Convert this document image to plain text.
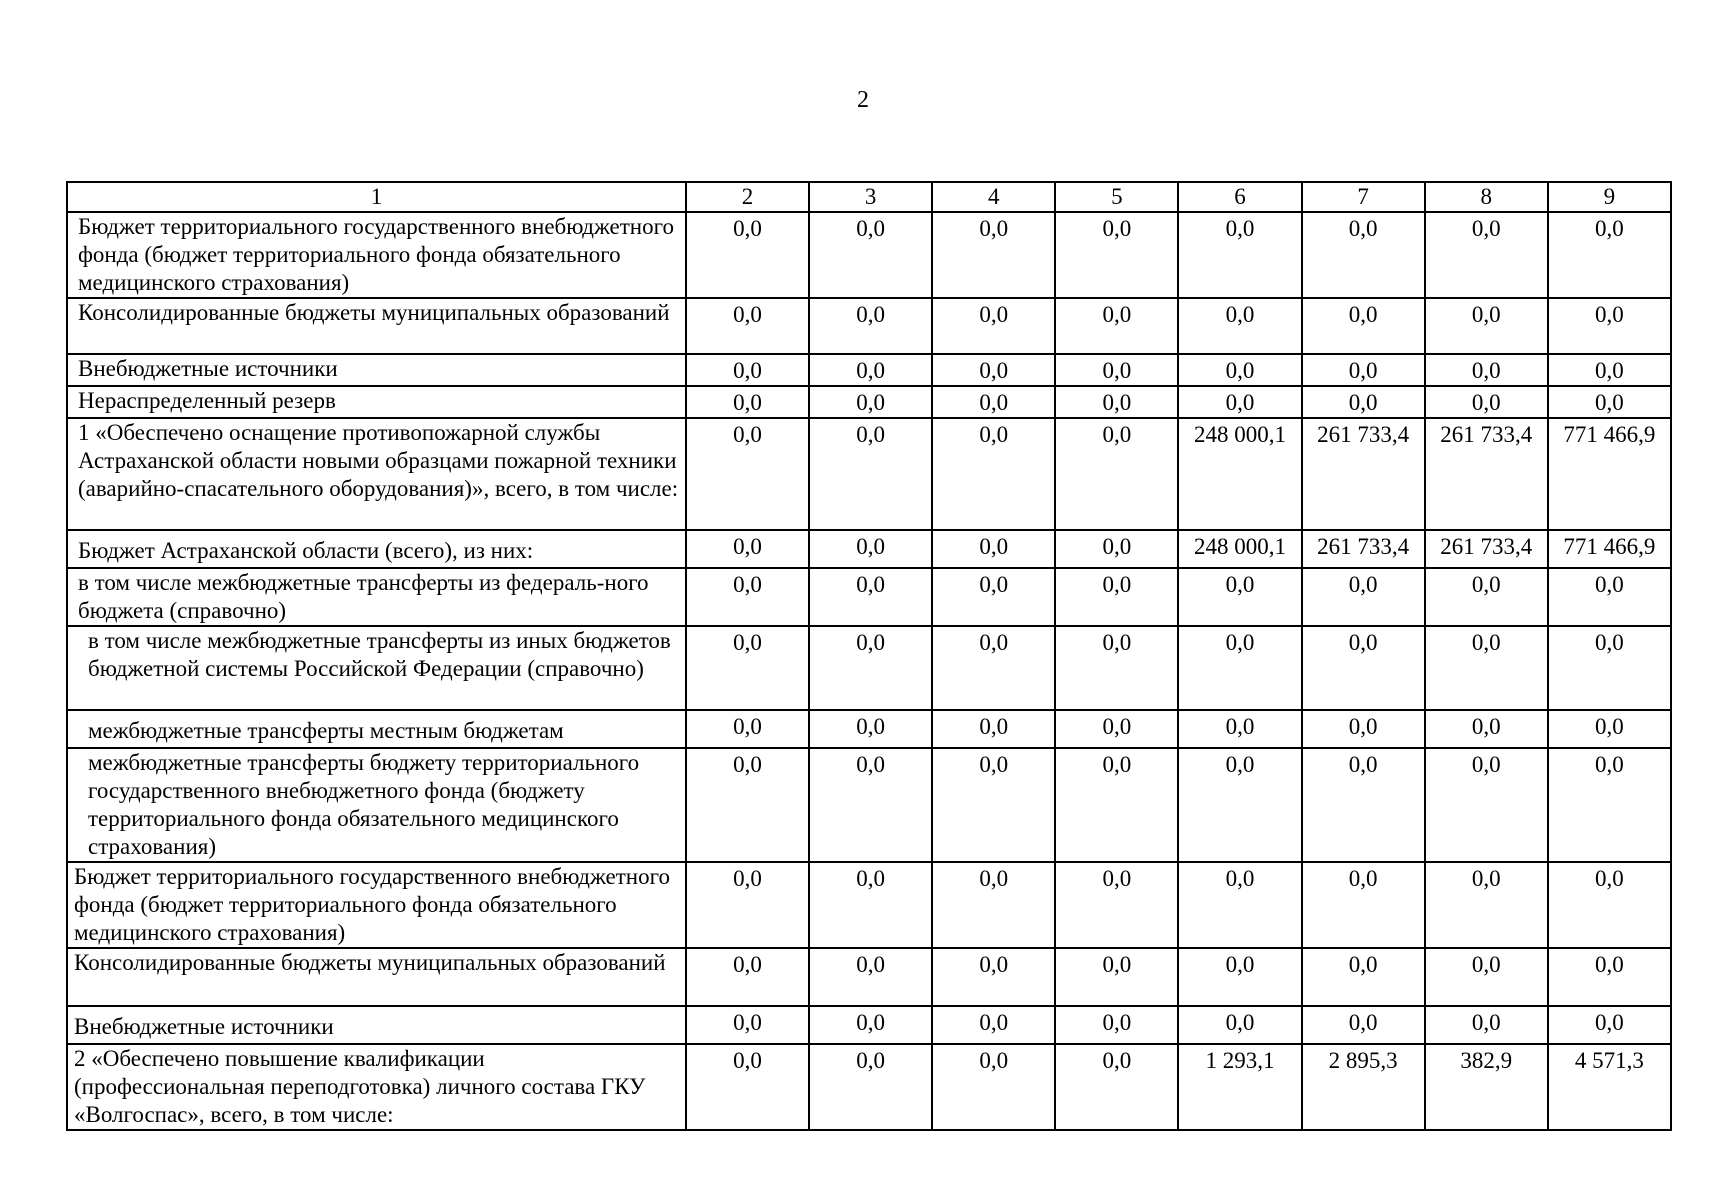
2
1	2	3	4	5	6	7	8	9
Бюджет территориального государственного внебюджетного фонда (бюджет территориального фонда обязательного медицинского страхования)	0,0	0,0	0,0	0,0	0,0	0,0	0,0	0,0
Консолидированные бюджеты муниципальных образований	0,0	0,0	0,0	0,0	0,0	0,0	0,0	0,0
Внебюджетные источники	0,0	0,0	0,0	0,0	0,0	0,0	0,0	0,0
Нераспределенный резерв	0,0	0,0	0,0	0,0	0,0	0,0	0,0	0,0
1 «Обеспечено оснащение противопожарной службы Астраханской области новыми образцами пожарной техники (аварийно-спасательного оборудования)», всего, в том числе:	0,0	0,0	0,0	0,0	248 000,1	261 733,4	261 733,4	771 466,9
Бюджет Астраханской области (всего), из них:	0,0	0,0	0,0	0,0	248 000,1	261 733,4	261 733,4	771 466,9
в том числе межбюджетные трансферты из федераль-ного бюджета (справочно)	0,0	0,0	0,0	0,0	0,0	0,0	0,0	0,0
в том числе межбюджетные трансферты из иных бюджетов бюджетной системы Российской Федерации (справочно)	0,0	0,0	0,0	0,0	0,0	0,0	0,0	0,0
межбюджетные трансферты местным бюджетам	0,0	0,0	0,0	0,0	0,0	0,0	0,0	0,0
межбюджетные трансферты бюджету территориального государственного внебюджетного фонда (бюджету территориального фонда обязательного медицинского страхования)	0,0	0,0	0,0	0,0	0,0	0,0	0,0	0,0
Бюджет территориального государственного внебюджетного фонда (бюджет территориального фонда обязательного медицинского страхования)	0,0	0,0	0,0	0,0	0,0	0,0	0,0	0,0
Консолидированные бюджеты муниципальных образований	0,0	0,0	0,0	0,0	0,0	0,0	0,0	0,0
Внебюджетные источники	0,0	0,0	0,0	0,0	0,0	0,0	0,0	0,0
2 «Обеспечено повышение квалификации (профессиональная переподготовка) личного состава ГКУ «Волгоспас», всего, в том числе:	0,0	0,0	0,0	0,0	1 293,1	2 895,3	382,9	4 571,3
